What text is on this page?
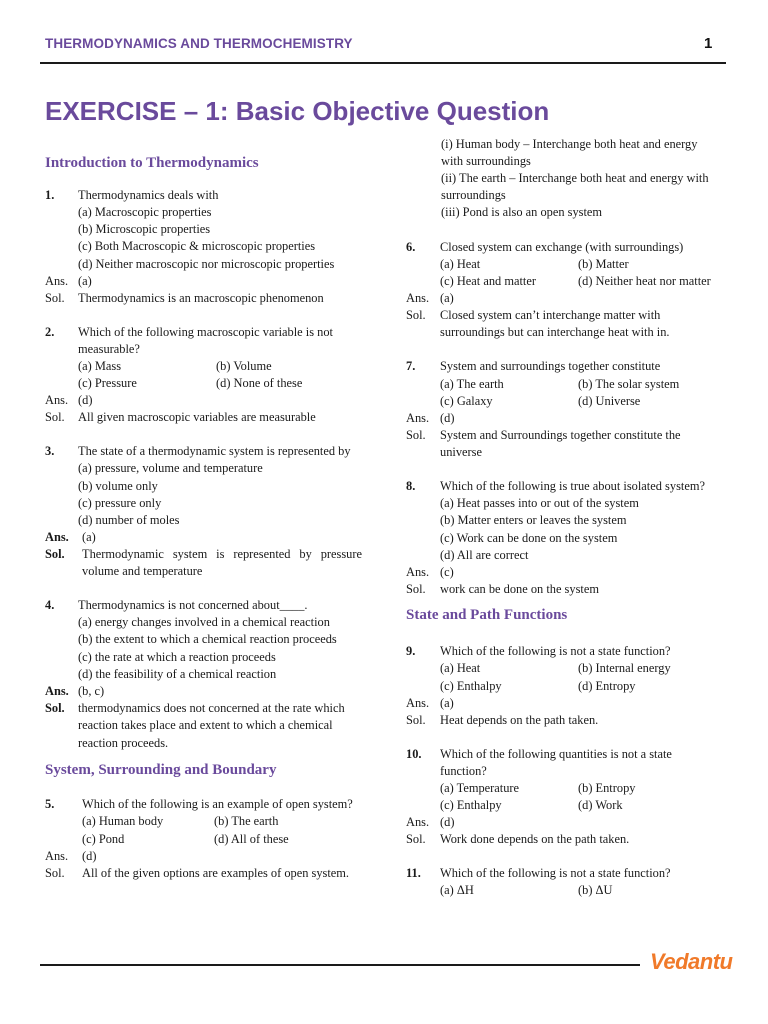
THERMODYNAMICS AND THERMOCHEMISTRY	1
EXERCISE – 1: Basic Objective Question
Introduction to Thermodynamics
1. Thermodynamics deals with
(a) Macroscopic properties
(b) Microscopic properties
(c) Both Macroscopic & microscopic properties
(d) Neither macroscopic nor microscopic properties
Ans. (a)
Sol. Thermodynamics is an macroscopic phenomenon
2. Which of the following macroscopic variable is not
measurable?
(a) Mass	(b) Volume
(c) Pressure	(d) None of these
Ans. (d)
Sol. All given macroscopic variables are measurable
3. The state of a thermodynamic system is represented by
(a) pressure, volume and temperature
(b) volume only
(c) pressure only
(d) number of moles
Ans. (a)
Sol. Thermodynamic system is represented by pressure
volume and temperature
4. Thermodynamics is not concerned about____.
(a) energy changes involved in a chemical reaction
(b) the extent to which a chemical reaction proceeds
(c) the rate at which a reaction proceeds
(d) the feasibility of a chemical reaction
Ans. (b, c)
Sol. thermodynamics does not concerned at the rate which
reaction takes place and extent to which a chemical
reaction proceeds.
System, Surrounding and Boundary
5. Which of the following is an example of open system?
(a) Human body	(b) The earth
(c) Pond	(d) All of these
Ans. (d)
Sol. All of the given options are examples of open system.
(i) Human body – Interchange both heat and energy
with surroundings
(ii) The earth – Interchange both heat and energy with
surroundings
(iii) Pond is also an open system
6. Closed system can exchange (with surroundings)
(a) Heat	(b) Matter
(c) Heat and matter	(d) Neither heat nor matter
Ans. (a)
Sol. Closed system can’t interchange matter with
surroundings but can interchange heat with in.
7. System and surroundings together constitute
(a) The earth	(b) The solar system
(c) Galaxy	(d) Universe
Ans. (d)
Sol. System and Surroundings together constitute the
universe
8. Which of the following is true about isolated system?
(a) Heat passes into or out of the system
(b) Matter enters or leaves the system
(c) Work can be done on the system
(d) All are correct
Ans. (c)
Sol. work can be done on the system
State and Path Functions
9. Which of the following is not a state function?
(a) Heat	(b) Internal energy
(c) Enthalpy	(d) Entropy
Ans. (a)
Sol. Heat depends on the path taken.
10. Which of the following quantities is not a state
function?
(a) Temperature	(b) Entropy
(c) Enthalpy	(d) Work
Ans. (d)
Sol. Work done depends on the path taken.
11. Which of the following is not a state function?
(a) ΔH	(b) ΔU
Vedantu
